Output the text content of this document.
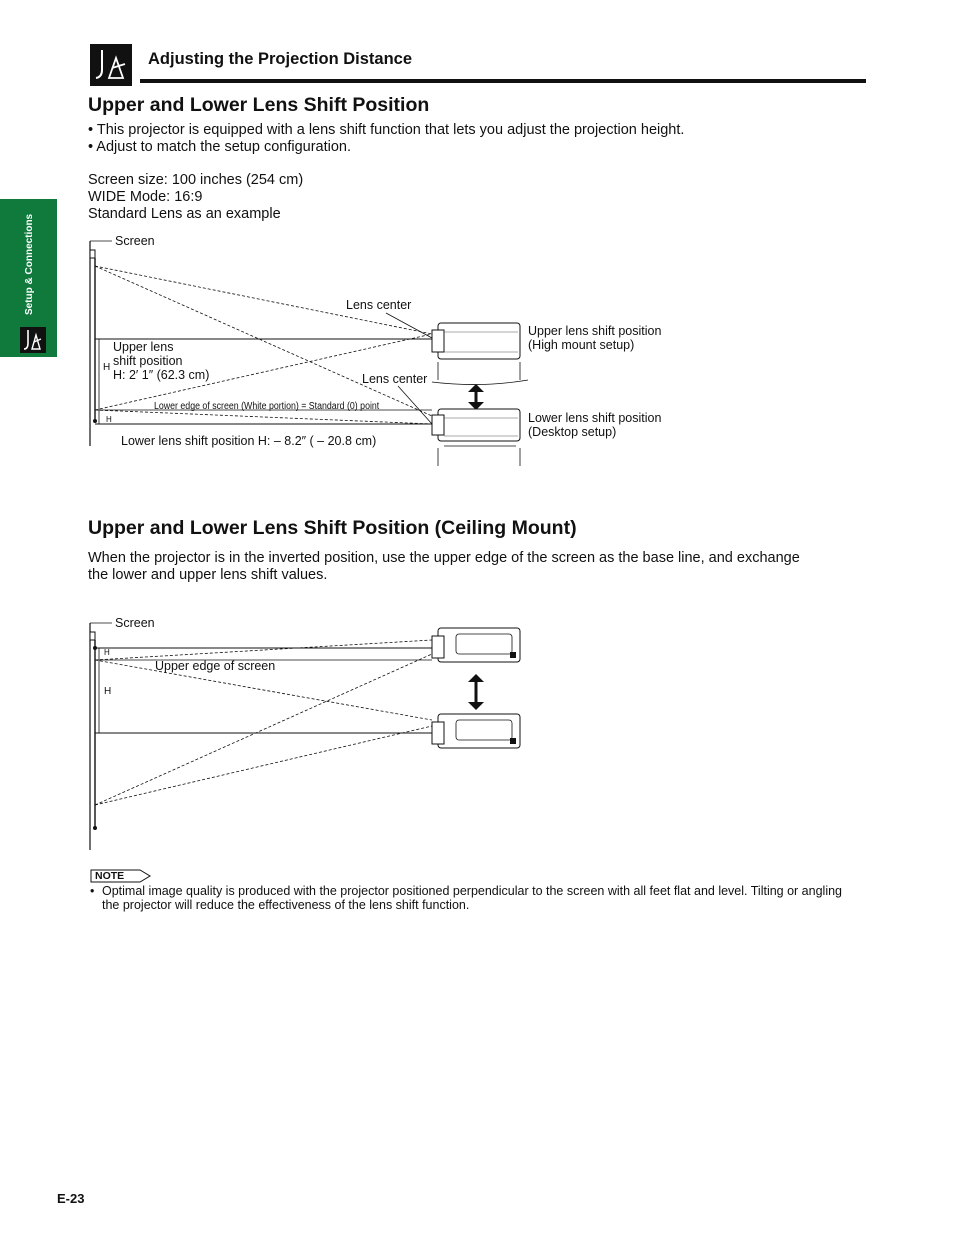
Setup & Connections
Adjusting the Projection Distance
Upper and Lower Lens Shift Position
• This projector is equipped with a lens shift function that lets you adjust the projection height.
• Adjust to match the setup configuration.
Screen size: 100 inches (254 cm)
WIDE Mode: 16:9
Standard Lens as an example
Screen
Lens center
Lens center
Upper lens
shift position
H: 2′ 1″ (62.3 cm)
H
H
Lower edge of screen (White portion) = Standard (0) point
Lower lens shift position H: – 8.2″ ( – 20.8 cm)
Upper lens shift position
(High mount setup)
Lower lens shift position
(Desktop setup)
Upper and Lower Lens Shift Position (Ceiling Mount)
When the projector is in the inverted position, use the upper edge of the screen as the base line, and exchange
the lower and upper lens shift values.
Screen
Upper edge of screen
H
H
NOTE
• Optimal image quality is produced with the projector positioned perpendicular to the screen with all feet flat and level. Tilting or angling
the projector will reduce the effectiveness of the lens shift function.
E-23
